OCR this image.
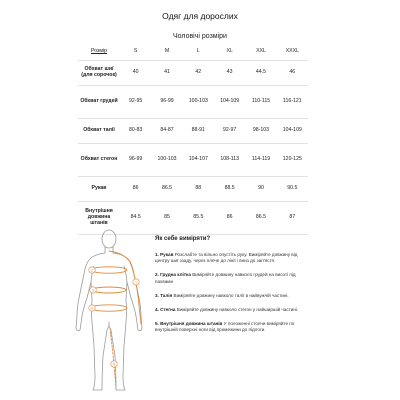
Одяг для дорослих
Чоловічі розміри
Розмір	S	M	L	XL	XXL	XXXL
Обхват шиї (для сорочок)	40	41	42	43	44.5	46
Обхват грудей	92-95	96-99	100-103	104-109	110-115	116-121
Обхват талії	80-83	84-87	88-91	92-97	98-103	104-109
Обхват стегон	96-99	100-103	104-107	108-113	114-119	120-125
Рукав	86	86.5	88	88.5	90	90.5
Внутрішня довжина штанів	84.5	85	85.5	86	86.5	87
1
2
3
4
5
Як себе виміряти?
1. Рукав Розслабте та вільно опустіть руку. Виміряйте довжину від центру шиї ззаду, через плече до лінії і вниз до зап'ястя.
2. Грудна клітка Виміряйте довжину навколо грудей на висоті під пахвами
3. Талія Виміряйте довжину навколо талії в найвужчій частині.
4. Стегна Виміряйте довжину навколо стегон у найширшій частині.
5. Внутрішня довжина штанів У положенні стоячи виміряйте по внутрішній поверхні ноги від промежини до підлоги.
